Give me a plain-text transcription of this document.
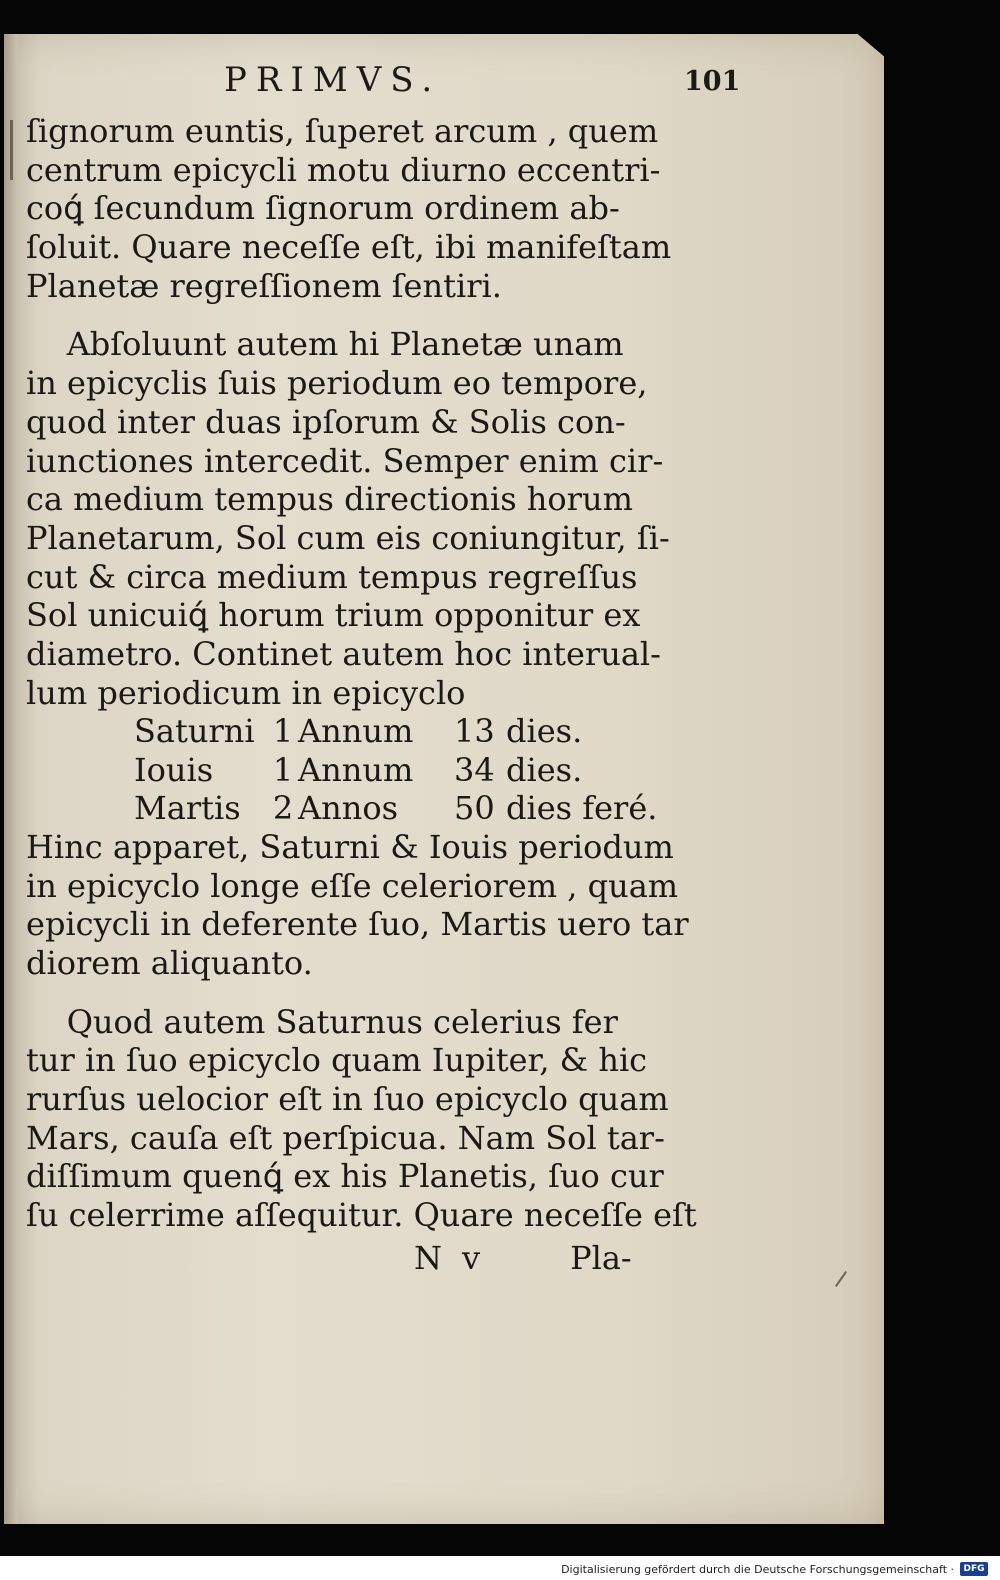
PRIMVS.	101
ſignorum euntis, ſuperet arcum , quem
centrum epicycli motu diurno eccentri-
coꝗ́ ſecundum ſignorum ordinem ab-
ſoluit. Quare neceſſe eſt, ibi manifeſtam
Planetæ regreſſionem ſentiri.
Abſoluunt autem hi Planetæ unam
in epicyclis ſuis periodum eo tempore,
quod inter duas ipſorum & Solis con-
iunctiones intercedit. Semper enim cir-
ca medium tempus directionis horum
Planetarum, Sol cum eis coniungitur, ſi-
cut & circa medium tempus regreſſus
Sol unicuiꝗ́ horum trium opponitur ex
diametro. Continet autem hoc interual-
lum periodicum in epicyclo
Saturni 1 Annum	13 dies.
Iouis	1 Annum	34 dies.
Martis	2 Annos	50 dies feré.
Hinc apparet, Saturni & Iouis periodum
in epicyclo longe eſſe celeriorem , quam
epicycli in deferente ſuo, Martis uero tar
diorem aliquanto.
Quod autem Saturnus celerius fer
tur in ſuo epicyclo quam Iupiter, & hic
rurſus uelocior eſt in ſuo epicyclo quam
Mars, cauſa eſt perſpicua. Nam Sol tar-
diſſimum quenꝗ́ ex his Planetis, ſuo cur
ſu celerrime aſſequitur. Quare neceſſe eſt
N v	Pla-
Digitalisierung gefördert durch die Deutsche Forschungsgemeinschaft ·	DFG
